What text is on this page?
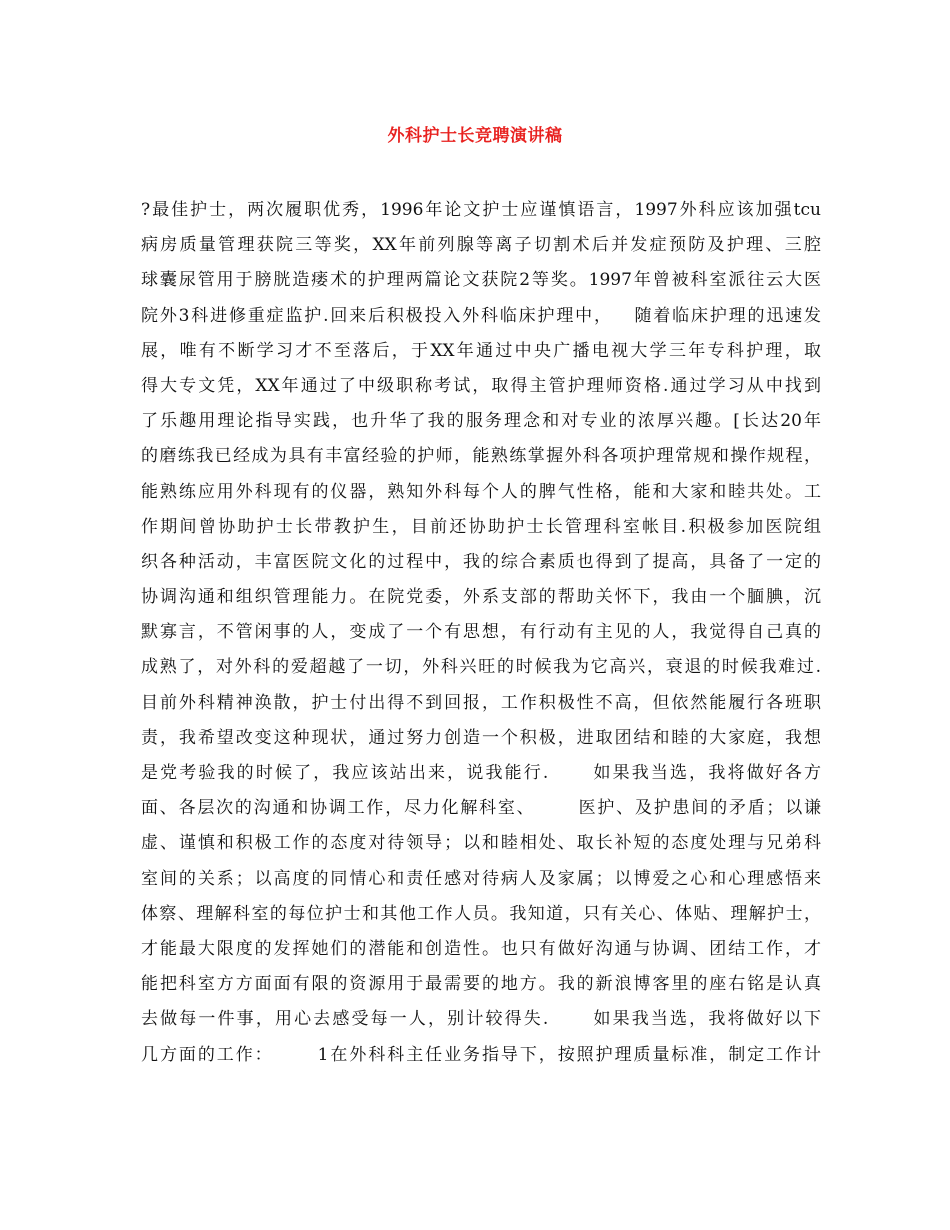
外科护士长竞聘演讲稿
?最佳护士，两次履职优秀，1996年论文护士应谨慎语言，1997外科应该加强tcu
病房质量管理获院三等奖，XX年前列腺等离子切割术后并发症预防及护理、三腔
球囊尿管用于膀胱造瘘术的护理两篇论文获院2等奖。1997年曾被科室派往云大医
院外3科进修重症监护.回来后积极投入外科临床护理中，   随着临床护理的迅速发
展，唯有不断学习才不至落后，于XX年通过中央广播电视大学三年专科护理，取
得大专文凭，XX年通过了中级职称考试，取得主管护理师资格.通过学习从中找到
了乐趣用理论指导实践，也升华了我的服务理念和对专业的浓厚兴趣。[长达20年
的磨练我已经成为具有丰富经验的护师，能熟练掌握外科各项护理常规和操作规程，
能熟练应用外科现有的仪器，熟知外科每个人的脾气性格，能和大家和睦共处。工
作期间曾协助护士长带教护生，目前还协助护士长管理科室帐目.积极参加医院组
织各种活动，丰富医院文化的过程中，我的综合素质也得到了提高，具备了一定的
协调沟通和组织管理能力。在院党委，外系支部的帮助关怀下，我由一个腼腆，沉
默寡言，不管闲事的人，变成了一个有思想，有行动有主见的人，我觉得自己真的
成熟了，对外科的爱超越了一切，外科兴旺的时候我为它高兴，衰退的时候我难过.
目前外科精神涣散，护士付出得不到回报，工作积极性不高，但依然能履行各班职
责，我希望改变这种现状，通过努力创造一个积极，进取团结和睦的大家庭，我想
是党考验我的时候了，我应该站出来，说我能行.      如果我当选，我将做好各方
面、各层次的沟通和协调工作，尽力化解科室、      医护、及护患间的矛盾；以谦
虚、谨慎和积极工作的态度对待领导；以和睦相处、取长补短的态度处理与兄弟科
室间的关系；以高度的同情心和责任感对待病人及家属；以博爱之心和心理感悟来
体察、理解科室的每位护士和其他工作人员。我知道，只有关心、体贴、理解护士，
才能最大限度的发挥她们的潜能和创造性。也只有做好沟通与协调、团结工作，才
能把科室方方面面有限的资源用于最需要的地方。我的新浪博客里的座右铭是认真
去做每一件事，用心去感受每一人，别计较得失.      如果我当选，我将做好以下
几方面的工作：      1在外科科主任业务指导下，按照护理质量标准，制定工作计
